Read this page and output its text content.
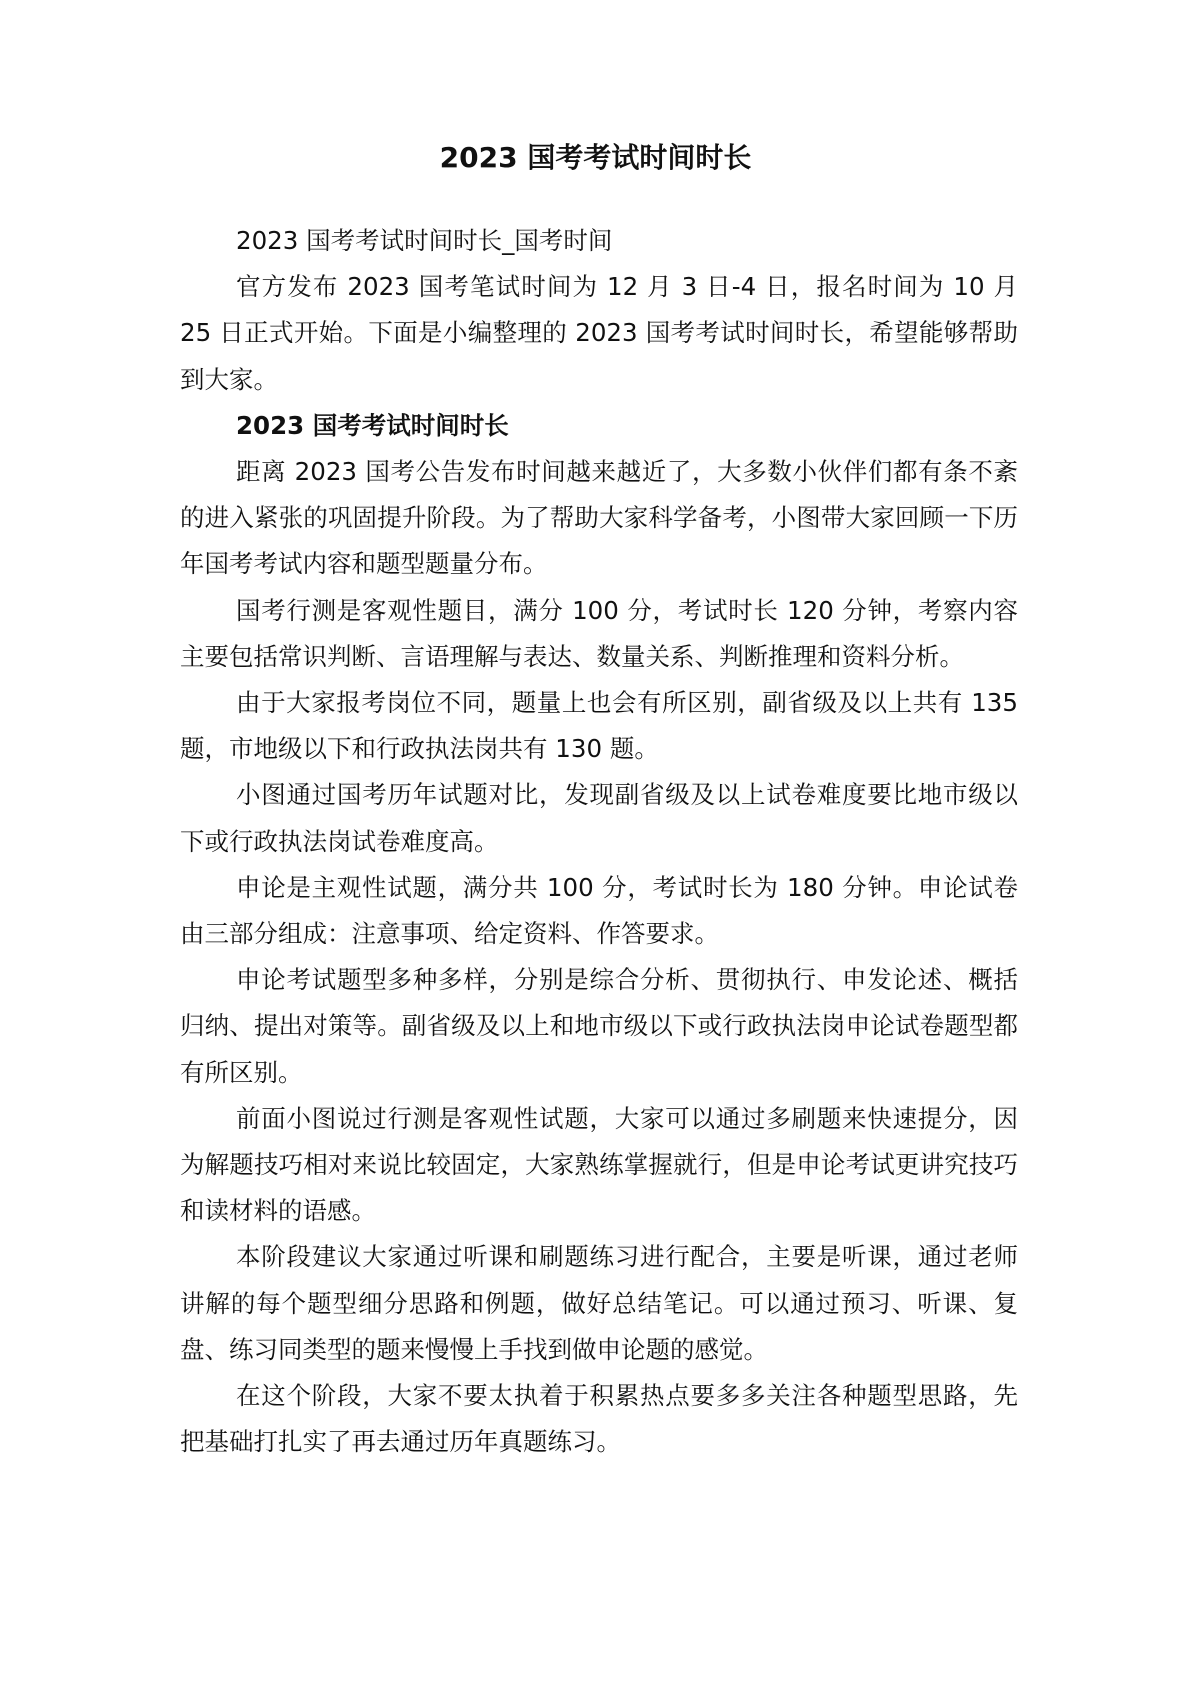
2023 国考考试时间时长

2023 国考考试时间时长_国考时间

官方发布 2023 国考笔试时间为 12 月 3 日-4 日，报名时间为 10 月 25 日正式开始。下面是小编整理的 2023 国考考试时间时长，希望能够帮助到大家。

2023 国考考试时间时长

距离 2023 国考公告发布时间越来越近了，大多数小伙伴们都有条不紊的进入紧张的巩固提升阶段。为了帮助大家科学备考，小图带大家回顾一下历年国考考试内容和题型题量分布。

国考行测是客观性题目，满分 100 分，考试时长 120 分钟，考察内容主要包括常识判断、言语理解与表达、数量关系、判断推理和资料分析。

由于大家报考岗位不同，题量上也会有所区别，副省级及以上共有 135 题，市地级以下和行政执法岗共有 130 题。

小图通过国考历年试题对比，发现副省级及以上试卷难度要比地市级以下或行政执法岗试卷难度高。

申论是主观性试题，满分共 100 分，考试时长为 180 分钟。申论试卷由三部分组成：注意事项、给定资料、作答要求。

申论考试题型多种多样，分别是综合分析、贯彻执行、申发论述、概括归纳、提出对策等。副省级及以上和地市级以下或行政执法岗申论试卷题型都有所区别。

前面小图说过行测是客观性试题，大家可以通过多刷题来快速提分，因为解题技巧相对来说比较固定，大家熟练掌握就行，但是申论考试更讲究技巧和读材料的语感。

本阶段建议大家通过听课和刷题练习进行配合，主要是听课，通过老师讲解的每个题型细分思路和例题，做好总结笔记。可以通过预习、听课、复盘、练习同类型的题来慢慢上手找到做申论题的感觉。

在这个阶段，大家不要太执着于积累热点要多多关注各种题型思路，先把基础打扎实了再去通过历年真题练习。
